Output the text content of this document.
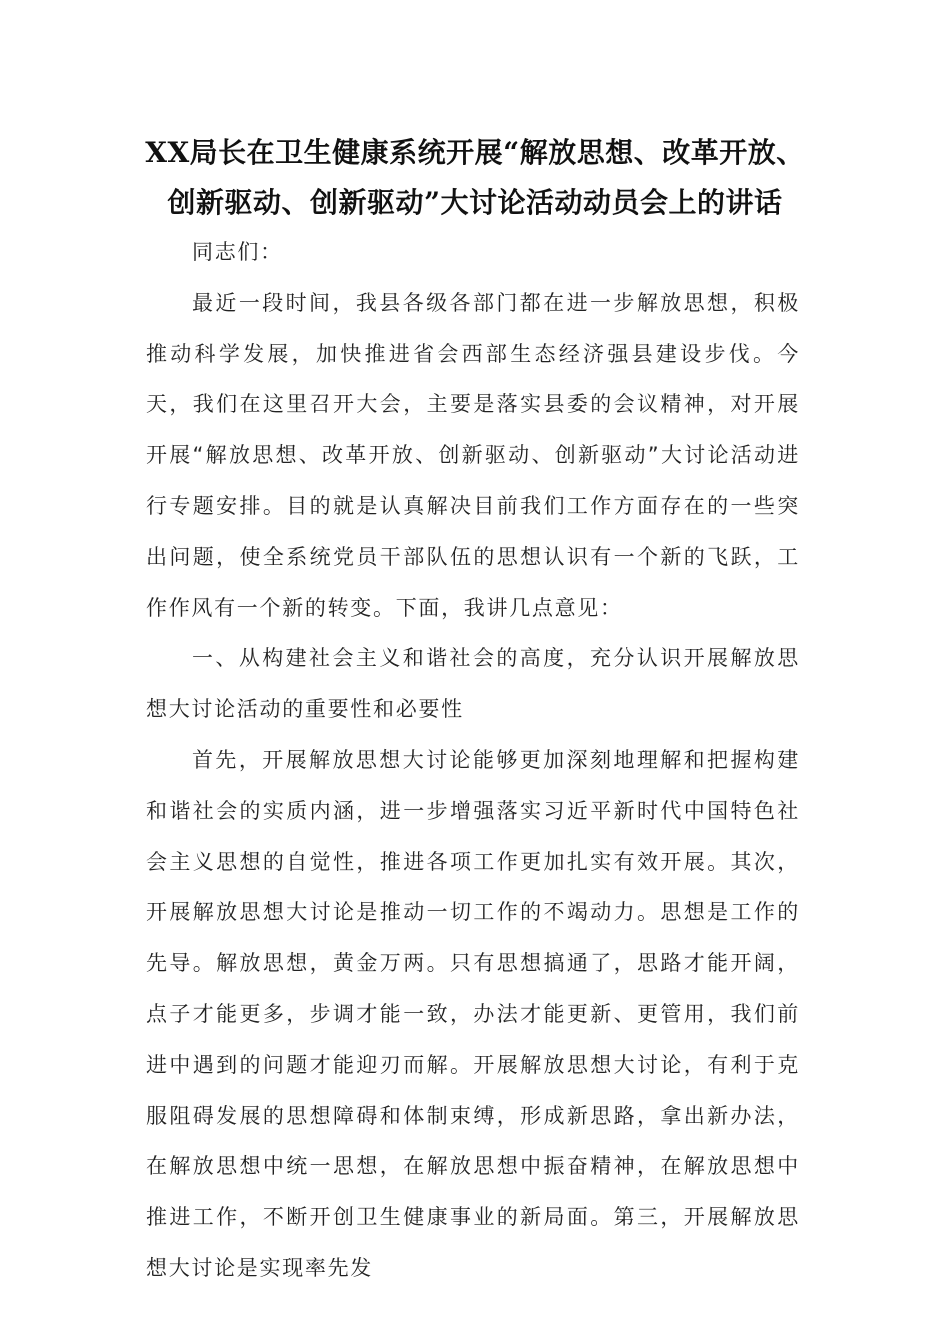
XX局长在卫生健康系统开展“解放思想、改革开放、创新驱动、创新驱动”大讨论活动动员会上的讲话

同志们：

最近一段时间，我县各级各部门都在进一步解放思想，积极推动科学发展，加快推进省会西部生态经济强县建设步伐。今天，我们在这里召开大会，主要是落实县委的会议精神，对开展开展“解放思想、改革开放、创新驱动、创新驱动”大讨论活动进行专题安排。目的就是认真解决目前我们工作方面存在的一些突出问题，使全系统党员干部队伍的思想认识有一个新的飞跃，工作作风有一个新的转变。下面，我讲几点意见：

一、从构建社会主义和谐社会的高度，充分认识开展解放思想大讨论活动的重要性和必要性

首先，开展解放思想大讨论能够更加深刻地理解和把握构建和谐社会的实质内涵，进一步增强落实习近平新时代中国特色社会主义思想的自觉性，推进各项工作更加扎实有效开展。其次，开展解放思想大讨论是推动一切工作的不竭动力。思想是工作的先导。解放思想，黄金万两。只有思想搞通了，思路才能开阔，点子才能更多，步调才能一致，办法才能更新、更管用，我们前进中遇到的问题才能迎刃而解。开展解放思想大讨论，有利于克服阻碍发展的思想障碍和体制束缚，形成新思路，拿出新办法，在解放思想中统一思想，在解放思想中振奋精神，在解放思想中推进工作，不断开创卫生健康事业的新局面。第三，开展解放思想大讨论是实现率先发
